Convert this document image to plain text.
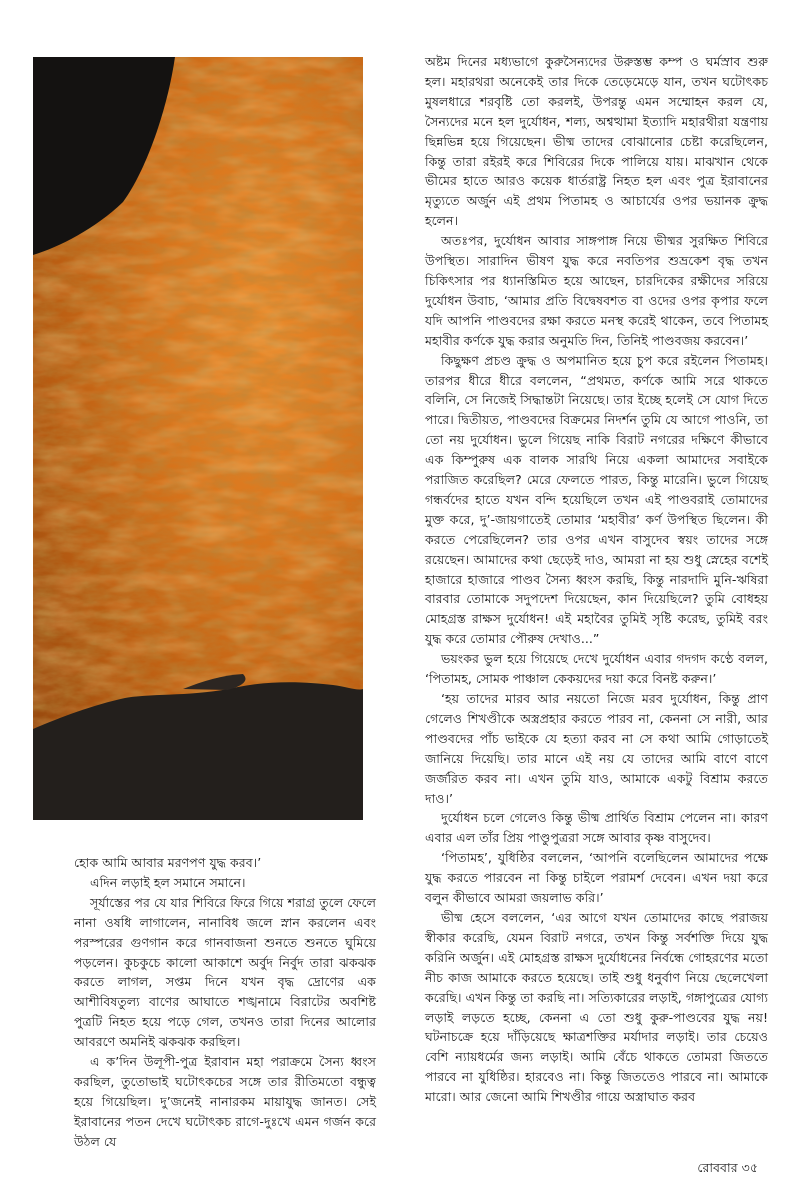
অষ্টম দিনের মধ্যভাগে কুরুসৈন্যদের উরুস্তম্ভ কম্প ও ঘর্মস্রাব শুরু হল। মহারথরা অনেকেই তার দিকে তেড়েমেড়ে যান, তখন ঘটোৎকচ মুষলধারে শরবৃষ্টি তো করলই, উপরন্তু এমন সম্মোহন করল যে, সৈন্যদের মনে হল দুর্যোধন, শল্য, অশ্বত্থামা ইত্যাদি মহারথীরা যন্ত্রণায় ছিন্নভিন্ন হয়ে গিয়েছেন। ভীষ্ম তাদের বোঝানোর চেষ্টা করেছিলেন, কিন্তু তারা রইরই করে শিবিরের দিকে পালিয়ে যায়। মাঝখান থেকে ভীমের হাতে আরও কয়েক ধার্তরাষ্ট্র নিহত হল এবং পুত্র ইরাবানের মৃত্যুতে অর্জুন এই প্রথম পিতামহ ও আচার্যের ওপর ভয়ানক ক্রুদ্ধ হলেন।

অতঃপর, দুর্যোধন আবার সাঙ্গপাঙ্গ নিয়ে ভীষ্মর সুরক্ষিত শিবিরে উপস্থিত। সারাদিন ভীষণ যুদ্ধ করে নবতিপর শুভ্রকেশ বৃদ্ধ তখন চিকিৎসার পর ধ্যানস্তিমিত হয়ে আছেন, চারদিকের রক্ষীদের সরিয়ে দুর্যোধন উবাচ, ‘আমার প্রতি বিদ্বেষবশত বা ওদের ওপর কৃপার ফলে যদি আপনি পাণ্ডবদের রক্ষা করতে মনস্থ করেই থাকেন, তবে পিতামহ মহাবীর কর্ণকে যুদ্ধ করার অনুমতি দিন, তিনিই পাণ্ডবজয় করবেন।’

কিছুক্ষণ প্রচণ্ড ক্রুদ্ধ ও অপমানিত হয়ে চুপ করে রইলেন পিতামহ। তারপর ধীরে ধীরে বললেন, “প্রথমত, কর্ণকে আমি সরে থাকতে বলিনি, সে নিজেই সিদ্ধান্তটা নিয়েছে। তার ইচ্ছে হলেই সে যোগ দিতে পারে। দ্বিতীয়ত, পাণ্ডবদের বিক্রমের নিদর্শন তুমি যে আগে পাওনি, তা তো নয় দুর্যোধন। ভুলে গিয়েছ নাকি বিরাট নগরের দক্ষিণে কীভাবে এক কিম্পুরুষ এক বালক সারথি নিয়ে একলা আমাদের সবাইকে পরাজিত করেছিল? মেরে ফেলতে পারত, কিন্তু মারেনি। ভুলে গিয়েছ গন্ধর্বদের হাতে যখন বন্দি হয়েছিলে তখন এই পাণ্ডবরাই তোমাদের মুক্ত করে, দু’-জায়গাতেই তোমার ‘মহাবীর’ কর্ণ উপস্থিত ছিলেন। কী করতে পেরেছিলেন? তার ওপর এখন বাসুদেব স্বয়ং তাদের সঙ্গে রয়েছেন। আমাদের কথা ছেড়েই দাও, আমরা না হয় শুধু স্নেহের বশেই হাজারে হাজারে পাণ্ডব সৈন্য ধ্বংস করছি, কিন্তু নারদাদি মুনি-ঋষিরা বারবার তোমাকে সদুপদেশ দিয়েছেন, কান দিয়েছিলে? তুমি বোধহয় মোহগ্রস্ত রাক্ষস দুর্যোধন! এই মহাবৈর তুমিই সৃষ্টি করেছ, তুমিই বরং যুদ্ধ করে তোমার পৌরুষ দেখাও...”

ভয়ংকর ভুল হয়ে গিয়েছে দেখে দুর্যোধন এবার গদগদ কণ্ঠে বলল, ‘পিতামহ, সোমক পাঞ্চাল কেকয়দের দয়া করে বিনষ্ট করুন।’

‘হয় তাদের মারব আর নয়তো নিজে মরব দুর্যোধন, কিন্তু প্রাণ গেলেও শিখণ্ডীকে অস্ত্রপ্রহার করতে পারব না, কেননা সে নারী, আর পাণ্ডবদের পাঁচ ভাইকে যে হত্যা করব না সে কথা আমি গোড়াতেই জানিয়ে দিয়েছি। তার মানে এই নয় যে তাদের আমি বাণে বাণে জর্জরিত করব না। এখন তুমি যাও, আমাকে একটু বিশ্রাম করতে দাও।’

দুর্যোধন চলে গেলেও কিন্তু ভীষ্ম প্রার্থিত বিশ্রাম পেলেন না। কারণ এবার এল তাঁর প্রিয় পাণ্ডুপুত্ররা সঙ্গে আবার কৃষ্ণ বাসুদেব।

‘পিতামহ’, যুধিষ্ঠির বললেন, ‘আপনি বলেছিলেন আমাদের পক্ষে যুদ্ধ করতে পারবেন না কিন্তু চাইলে পরামর্শ দেবেন। এখন দয়া করে বলুন কীভাবে আমরা জয়লাভ করি।’

ভীষ্ম হেসে বললেন, ‘এর আগে যখন তোমাদের কাছে পরাজয় স্বীকার করেছি, যেমন বিরাট নগরে, তখন কিন্তু সর্বশক্তি দিয়ে যুদ্ধ করিনি অর্জুন। এই মোহগ্রস্ত রাক্ষস দুর্যোধনের নির্বন্ধে গোহরণের মতো নীচ কাজ আমাকে করতে হয়েছে। তাই শুধু ধনুর্বাণ নিয়ে ছেলেখেলা করেছি। এখন কিন্তু তা করছি না। সত্যিকারের লড়াই, গঙ্গাপুত্রের যোগ্য লড়াই লড়তে হচ্ছে, কেননা এ তো শুধু কুরু-পাণ্ডবের যুদ্ধ নয়! ঘটনাচক্রে হয়ে দাঁড়িয়েছে ক্ষাত্রশক্তির মর্যাদার লড়াই। তার চেয়েও বেশি ন্যায়ধর্মের জন্য লড়াই। আমি বেঁচে থাকতে তোমরা জিততে পারবে না যুধিষ্ঠির। হারবেও না। কিন্তু জিততেও পারবে না। আমাকে মারো। আর জেনো আমি শিখণ্ডীর গায়ে অস্ত্রাঘাত করব

হোক আমি আবার মরণপণ যুদ্ধ করব।’

এদিন লড়াই হল সমানে সমানে।

সূর্যাস্তের পর যে যার শিবিরে ফিরে গিয়ে শরাগ্র তুলে ফেলে নানা ওষধি লাগালেন, নানাবিধ জলে স্নান করলেন এবং পরস্পরের গুণগান করে গানবাজনা শুনতে শুনতে ঘুমিয়ে পড়লেন। কুচকুচে কালো আকাশে অর্বুদ নির্বুদ তারা ঝকঝক করতে লাগল, সপ্তম দিনে যখন বৃদ্ধ দ্রোণের এক আশীবিষতুল্য বাণের আঘাতে শঙ্খনামে বিরাটের অবশিষ্ট পুত্রটি নিহত হয়ে পড়ে গেল, তখনও তারা দিনের আলোর আবরণে অমনিই ঝকঝক করছিল।

এ ক’দিন উলূপী-পুত্র ইরাবান মহা পরাক্রমে সৈন্য ধ্বংস করছিল, তুতোভাই ঘটোৎকচের সঙ্গে তার রীতিমতো বন্ধুত্ব হয়ে গিয়েছিল। দু’জনেই নানারকম মায়াযুদ্ধ জানত। সেই ইরাবানের পতন দেখে ঘটোৎকচ রাগে-দুঃখে এমন গর্জন করে উঠল যে

রোববার ৩৫
